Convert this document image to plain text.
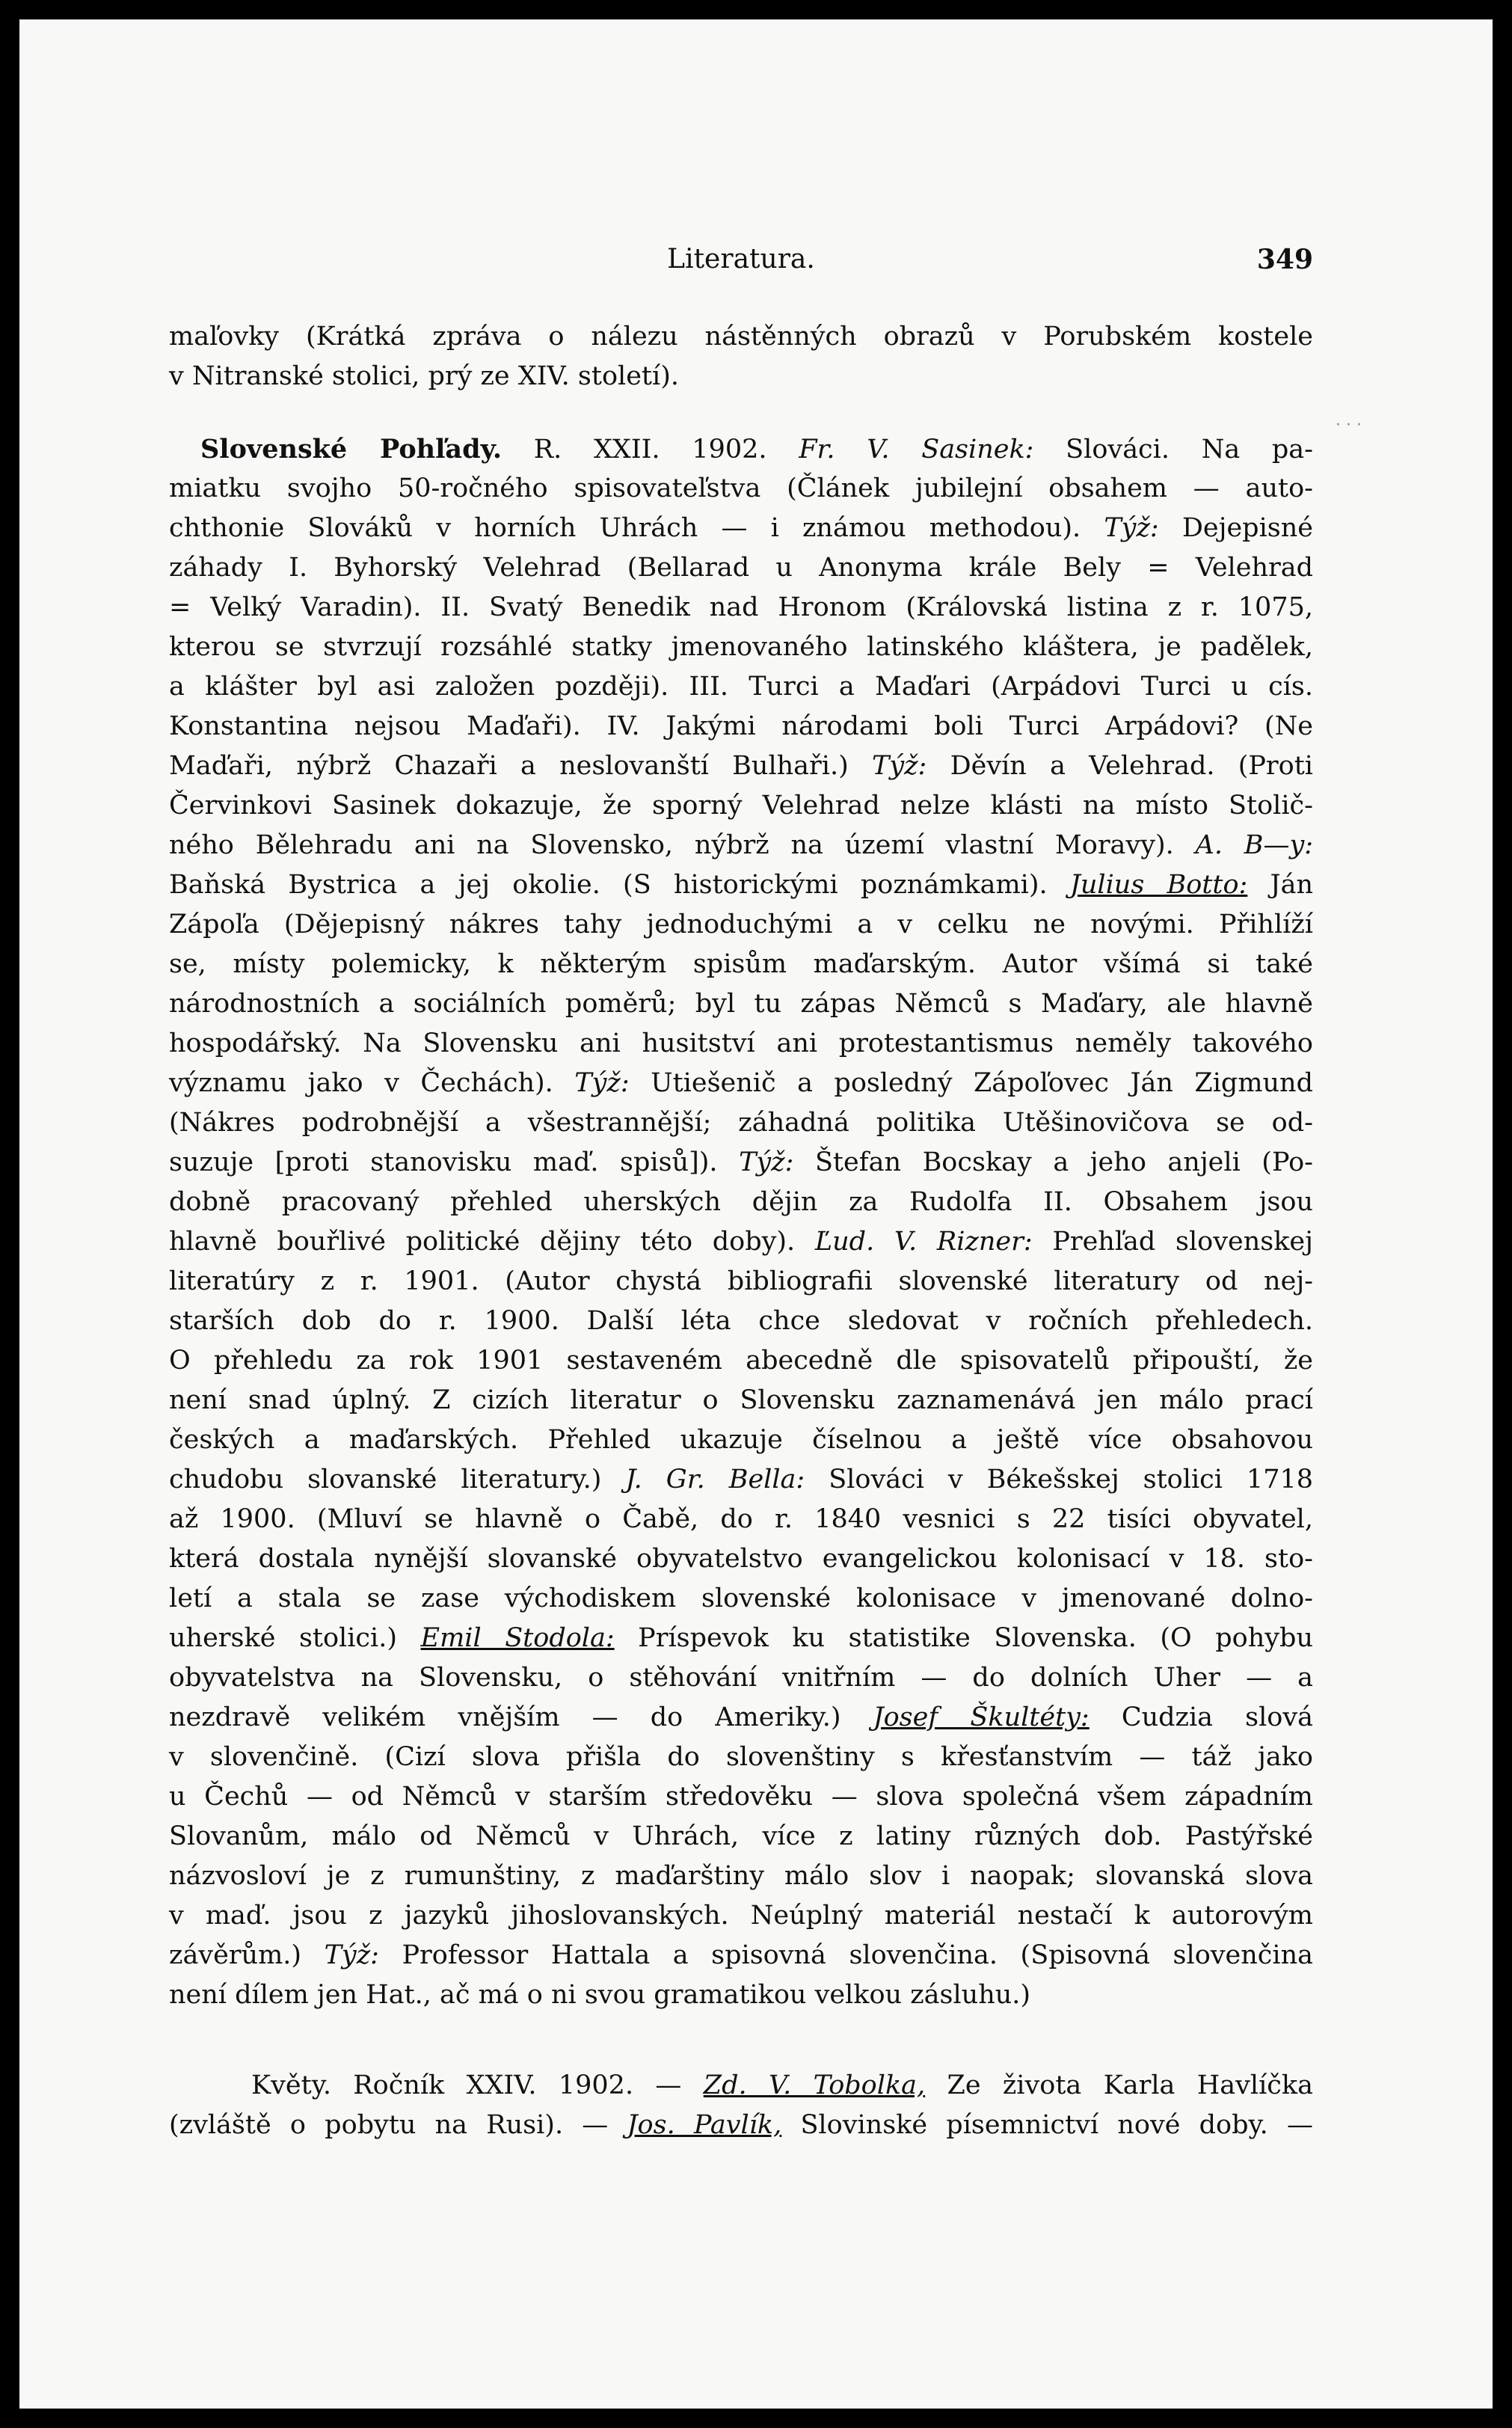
Literatura.	349
· · ·
maľovky (Krátká zpráva o nálezu nástěnných obrazů v Porubském kostele
v Nitranské stolici, prý ze XIV. století).
Slovenské Pohľady. R. XXII. 1902. Fr. V. Sasinek: Slováci. Na pa-
miatku svojho 50-ročného spisovateľstva (Článek jubilejní obsahem — auto-
chthonie Slováků v horních Uhrách — i známou methodou). Týž: Dejepisné
záhady I. Byhorský Velehrad (Bellarad u Anonyma krále Bely = Velehrad
= Velký Varadin). II. Svatý Benedik nad Hronom (Královská listina z r. 1075,
kterou se stvrzují rozsáhlé statky jmenovaného latinského kláštera, je padělek,
a klášter byl asi založen později). III. Turci a Maďari (Arpádovi Turci u cís.
Konstantina nejsou Maďaři). IV. Jakými národami boli Turci Arpádovi? (Ne
Maďaři, nýbrž Chazaři a neslovanští Bulhaři.) Týž: Děvín a Velehrad. (Proti
Červinkovi Sasinek dokazuje, že sporný Velehrad nelze klásti na místo Stolič-
ného Bělehradu ani na Slovensko, nýbrž na území vlastní Moravy). A. B—y:
Baňská Bystrica a jej okolie. (S historickými poznámkami). Julius Botto: Ján
Zápoľa (Dějepisný nákres tahy jednoduchými a v celku ne novými. Přihlíží
se, místy polemicky, k některým spisům maďarským. Autor všímá si také
národnostních a sociálních poměrů; byl tu zápas Němců s Maďary, ale hlavně
hospodářský. Na Slovensku ani husitství ani protestantismus neměly takového
významu jako v Čechách). Týž: Utiešenič a posledný Zápoľovec Ján Zigmund
(Nákres podrobnější a všestrannější; záhadná politika Utěšinovičova se od-
suzuje [proti stanovisku maď. spisů]). Týž: Štefan Bocskay a jeho anjeli (Po-
dobně pracovaný přehled uherských dějin za Rudolfa II. Obsahem jsou
hlavně bouřlivé politické dějiny této doby). Ľud. V. Rizner: Prehľad slovenskej
literatúry z r. 1901. (Autor chystá bibliografii slovenské literatury od nej-
starších dob do r. 1900. Další léta chce sledovat v ročních přehledech.
O přehledu za rok 1901 sestaveném abecedně dle spisovatelů připouští, že
není snad úplný. Z cizích literatur o Slovensku zaznamenává jen málo prací
českých a maďarských. Přehled ukazuje číselnou a ještě více obsahovou
chudobu slovanské literatury.) J. Gr. Bella: Slováci v Békešskej stolici 1718
až 1900. (Mluví se hlavně o Čabě, do r. 1840 vesnici s 22 tisíci obyvatel,
která dostala nynější slovanské obyvatelstvo evangelickou kolonisací v 18. sto-
letí a stala se zase východiskem slovenské kolonisace v jmenované dolno-
uherské stolici.) Emil Stodola: Príspevok ku statistike Slovenska. (O pohybu
obyvatelstva na Slovensku, o stěhování vnitřním — do dolních Uher — a
nezdravě velikém vnějším — do Ameriky.) Josef Škultéty: Cudzia slová
v slovenčině. (Cizí slova přišla do slovenštiny s křesťanstvím — táž jako
u Čechů — od Němců v starším středověku — slova společná všem západním
Slovanům, málo od Němců v Uhrách, více z latiny různých dob. Pastýřské
názvosloví je z rumunštiny, z maďarštiny málo slov i naopak; slovanská slova
v maď. jsou z jazyků jihoslovanských. Neúplný materiál nestačí k autorovým
závěrům.) Týž: Professor Hattala a spisovná slovenčina. (Spisovná slovenčina
není dílem jen Hat., ač má o ni svou gramatikou velkou zásluhu.)
Květy. Ročník XXIV. 1902. — Zd. V. Tobolka, Ze života Karla Havlíčka
(zvláště o pobytu na Rusi). — Jos. Pavlík, Slovinské písemnictví nové doby. —
